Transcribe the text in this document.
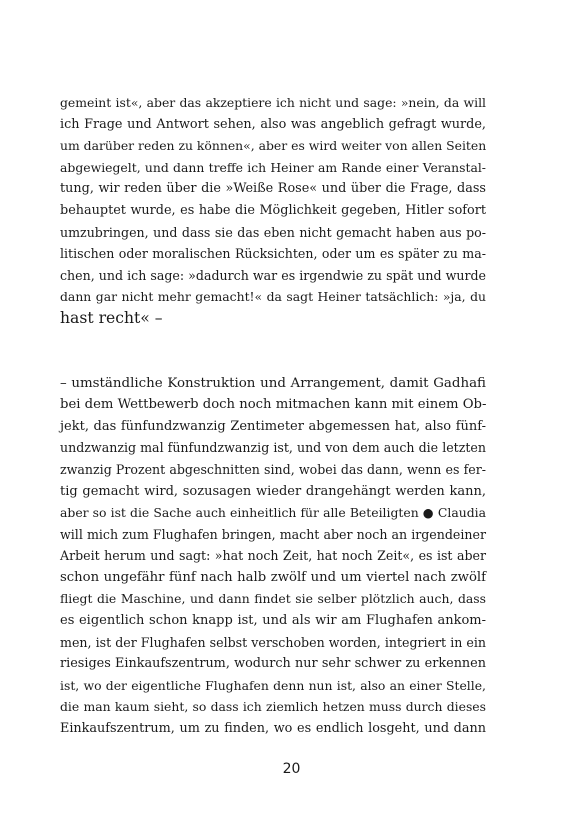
gemeint ist«, aber das akzeptiere ich nicht und sage: »nein, da will
ich Frage und Antwort sehen, also was angeblich gefragt wurde,
um darüber reden zu können«, aber es wird weiter von allen Seiten
abgewiegelt, und dann treffe ich Heiner am Rande einer Veranstal-
tung, wir reden über die »Weiße Rose« und über die Frage, dass
behauptet wurde, es habe die Möglichkeit gegeben, Hitler sofort
umzubringen, und dass sie das eben nicht gemacht haben aus po-
litischen oder moralischen Rücksichten, oder um es später zu ma-
chen, und ich sage: »dadurch war es irgendwie zu spät und wurde
dann gar nicht mehr gemacht!« da sagt Heiner tatsächlich: »ja, du
hast recht« –
– umständliche Konstruktion und Arrangement, damit Gadhafi
bei dem Wettbewerb doch noch mitmachen kann mit einem Ob-
jekt, das fünfundzwanzig Zentimeter abgemessen hat, also fünf-
undzwanzig mal fünfundzwanzig ist, und von dem auch die letzten
zwanzig Prozent abgeschnitten sind, wobei das dann, wenn es fer-
tig gemacht wird, sozusagen wieder drangehängt werden kann,
aber so ist die Sache auch einheitlich für alle Beteiligten ● Claudia
will mich zum Flughafen bringen, macht aber noch an irgendeiner
Arbeit herum und sagt: »hat noch Zeit, hat noch Zeit«, es ist aber
schon ungefähr fünf nach halb zwölf und um viertel nach zwölf
fliegt die Maschine, und dann findet sie selber plötzlich auch, dass
es eigentlich schon knapp ist, und als wir am Flughafen ankom-
men, ist der Flughafen selbst verschoben worden, integriert in ein
riesiges Einkaufszentrum, wodurch nur sehr schwer zu erkennen
ist, wo der eigentliche Flughafen denn nun ist, also an einer Stelle,
die man kaum sieht, so dass ich ziemlich hetzen muss durch dieses
Einkaufszentrum, um zu finden, wo es endlich losgeht, und dann
20
